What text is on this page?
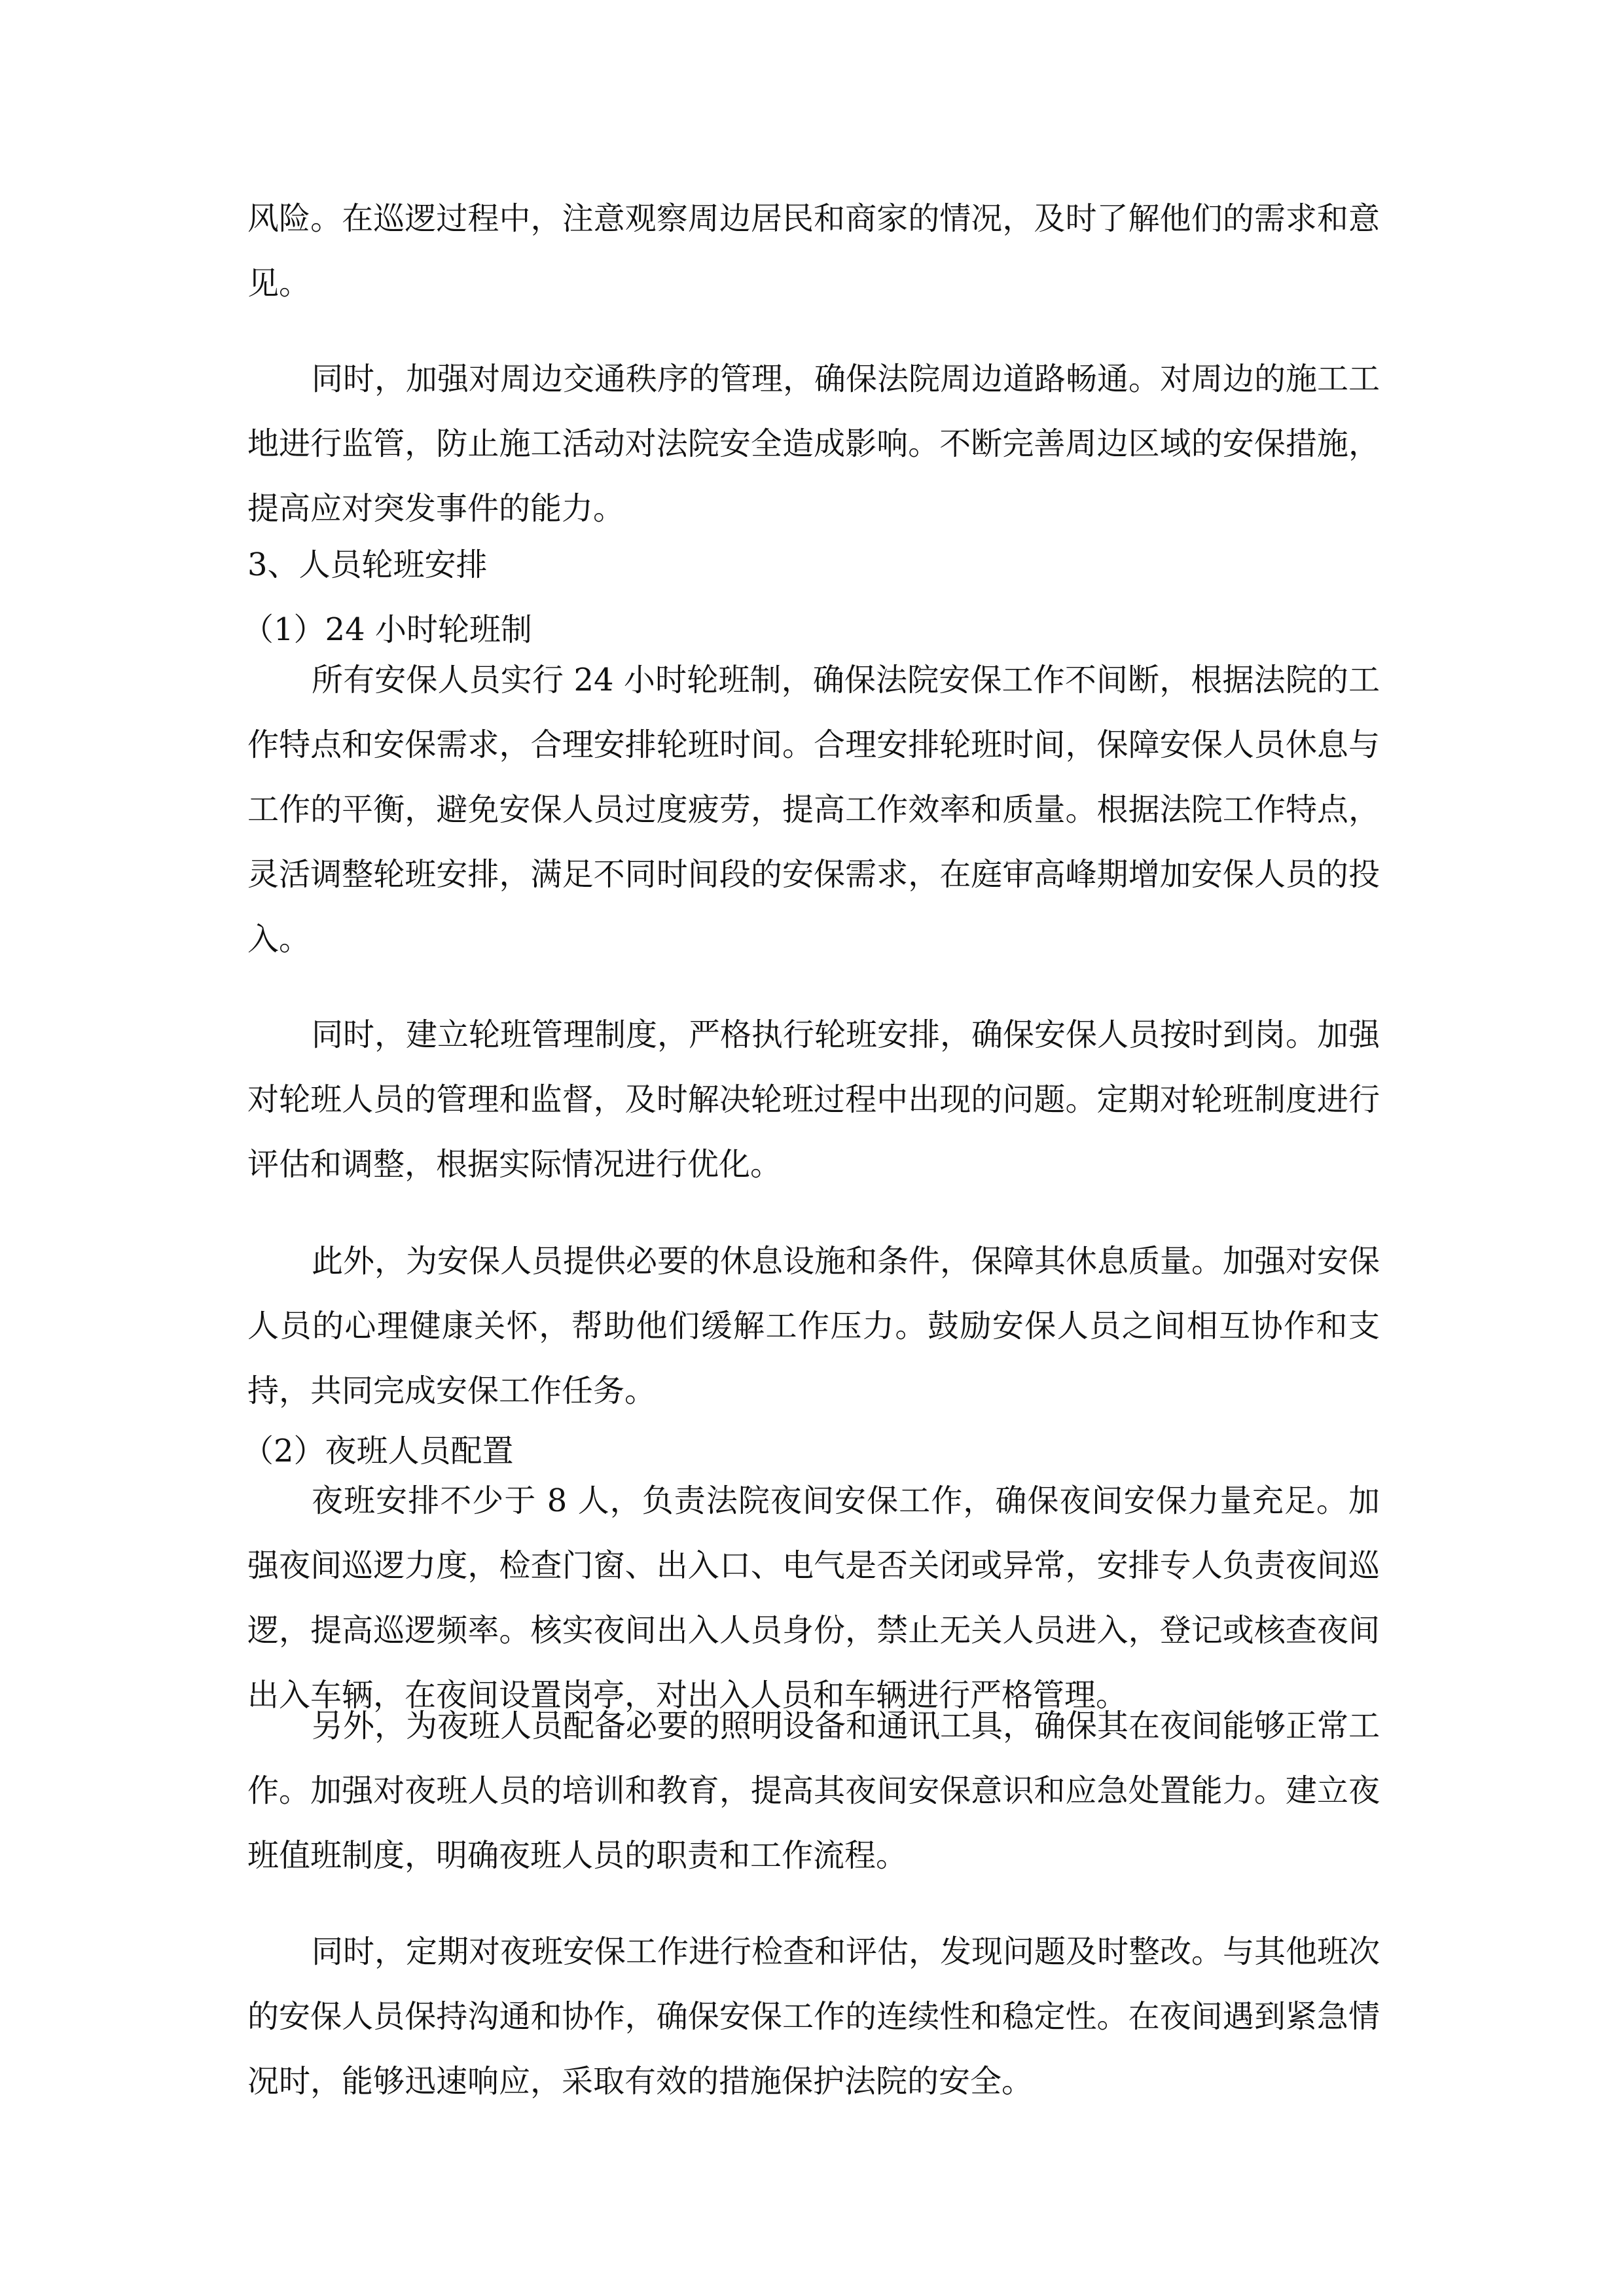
风险。在巡逻过程中，注意观察周边居民和商家的情况，及时了解他们的需求和意见。

同时，加强对周边交通秩序的管理，确保法院周边道路畅通。对周边的施工工地进行监管，防止施工活动对法院安全造成影响。不断完善周边区域的安保措施，提高应对突发事件的能力。

3、人员轮班安排
（1）24 小时轮班制

所有安保人员实行 24 小时轮班制，确保法院安保工作不间断，根据法院的工作特点和安保需求，合理安排轮班时间。合理安排轮班时间，保障安保人员休息与工作的平衡，避免安保人员过度疲劳，提高工作效率和质量。根据法院工作特点，灵活调整轮班安排，满足不同时间段的安保需求，在庭审高峰期增加安保人员的投入。

同时，建立轮班管理制度，严格执行轮班安排，确保安保人员按时到岗。加强对轮班人员的管理和监督，及时解决轮班过程中出现的问题。定期对轮班制度进行评估和调整，根据实际情况进行优化。

此外，为安保人员提供必要的休息设施和条件，保障其休息质量。加强对安保人员的心理健康关怀，帮助他们缓解工作压力。鼓励安保人员之间相互协作和支持，共同完成安保工作任务。

（2）夜班人员配置

夜班安排不少于 8 人，负责法院夜间安保工作，确保夜间安保力量充足。加强夜间巡逻力度，检查门窗、出入口、电气是否关闭或异常，安排专人负责夜间巡逻，提高巡逻频率。核实夜间出入人员身份，禁止无关人员进入，登记或核查夜间出入车辆，在夜间设置岗亭，对出入人员和车辆进行严格管理。

另外，为夜班人员配备必要的照明设备和通讯工具，确保其在夜间能够正常工作。加强对夜班人员的培训和教育，提高其夜间安保意识和应急处置能力。建立夜班值班制度，明确夜班人员的职责和工作流程。

同时，定期对夜班安保工作进行检查和评估，发现问题及时整改。与其他班次的安保人员保持沟通和协作，确保安保工作的连续性和稳定性。在夜间遇到紧急情况时，能够迅速响应，采取有效的措施保护法院的安全。
